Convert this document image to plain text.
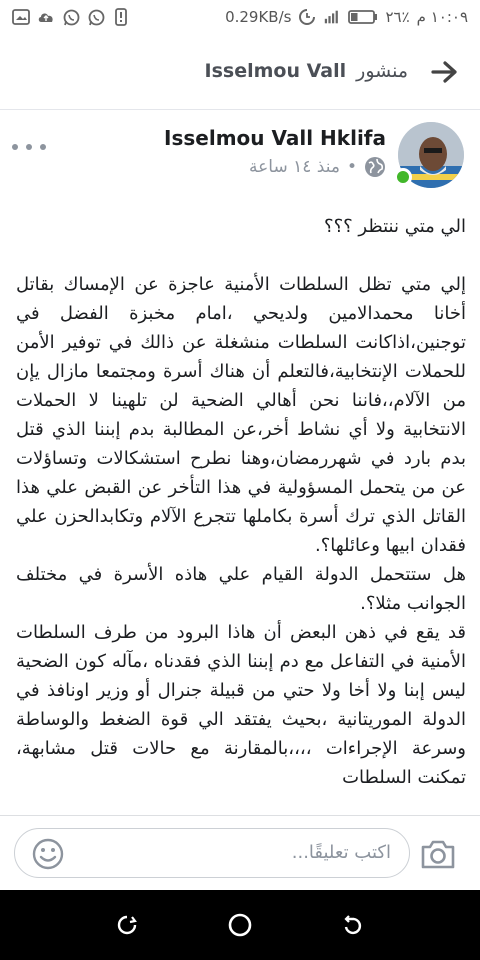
0.29KB/s	٢٦٪ ١٠:٠٩ م
منشور
Isselmou Vall
Isselmou Vall Hklifa
منذ ١٤ ساعة •

الي متي ننتظر ؟؟؟

إلي متي تظل السلطات الأمنية عاجزة عن الإمساك بقاتل أخانا محمدالامين ولديحي ،امام مخبزة الفضل في توجنين،اذاكانت السلطات منشغلة عن ذالك في توفير الأمن للحملات الإنتخابية،فالتعلم أن هناك أسرة ومجتمعا مازال يإن من الآلام،،فاننا نحن أهالي الضحية لن تلهينا لا الحملات الانتخابية ولا أي نشاط أخر،عن المطالبة بدم إبننا الذي قتل بدم بارد في شهررمضان،وهنا نطرح استشكالات وتساؤلات عن من يتحمل المسؤولية في هذا التأخر عن القبض علي هذا القاتل الذي ترك أسرة بكاملها تتجرع الآلام وتكابدالحزن علي فقدان ابيها وعائلها؟.

هل ستتحمل الدولة القيام علي هاذه الأسرة في مختلف الجوانب مثلا؟.

قد يقع في ذهن البعض أن هاذا البرود من طرف السلطات الأمنية في التفاعل مع دم إبننا الذي فقدناه ،مآله كون الضحية ليس إبنا ولا أخا ولا حتي من قبيلة جنرال أو وزير اونافذ في الدولة الموريتانية ،بحيث يفتقد الي قوة الضغط والوساطة وسرعة الإجراءات ،،،،بالمقارنة مع حالات قتل مشابهة، تمكنت السلطات

اكتب تعليقًا...
